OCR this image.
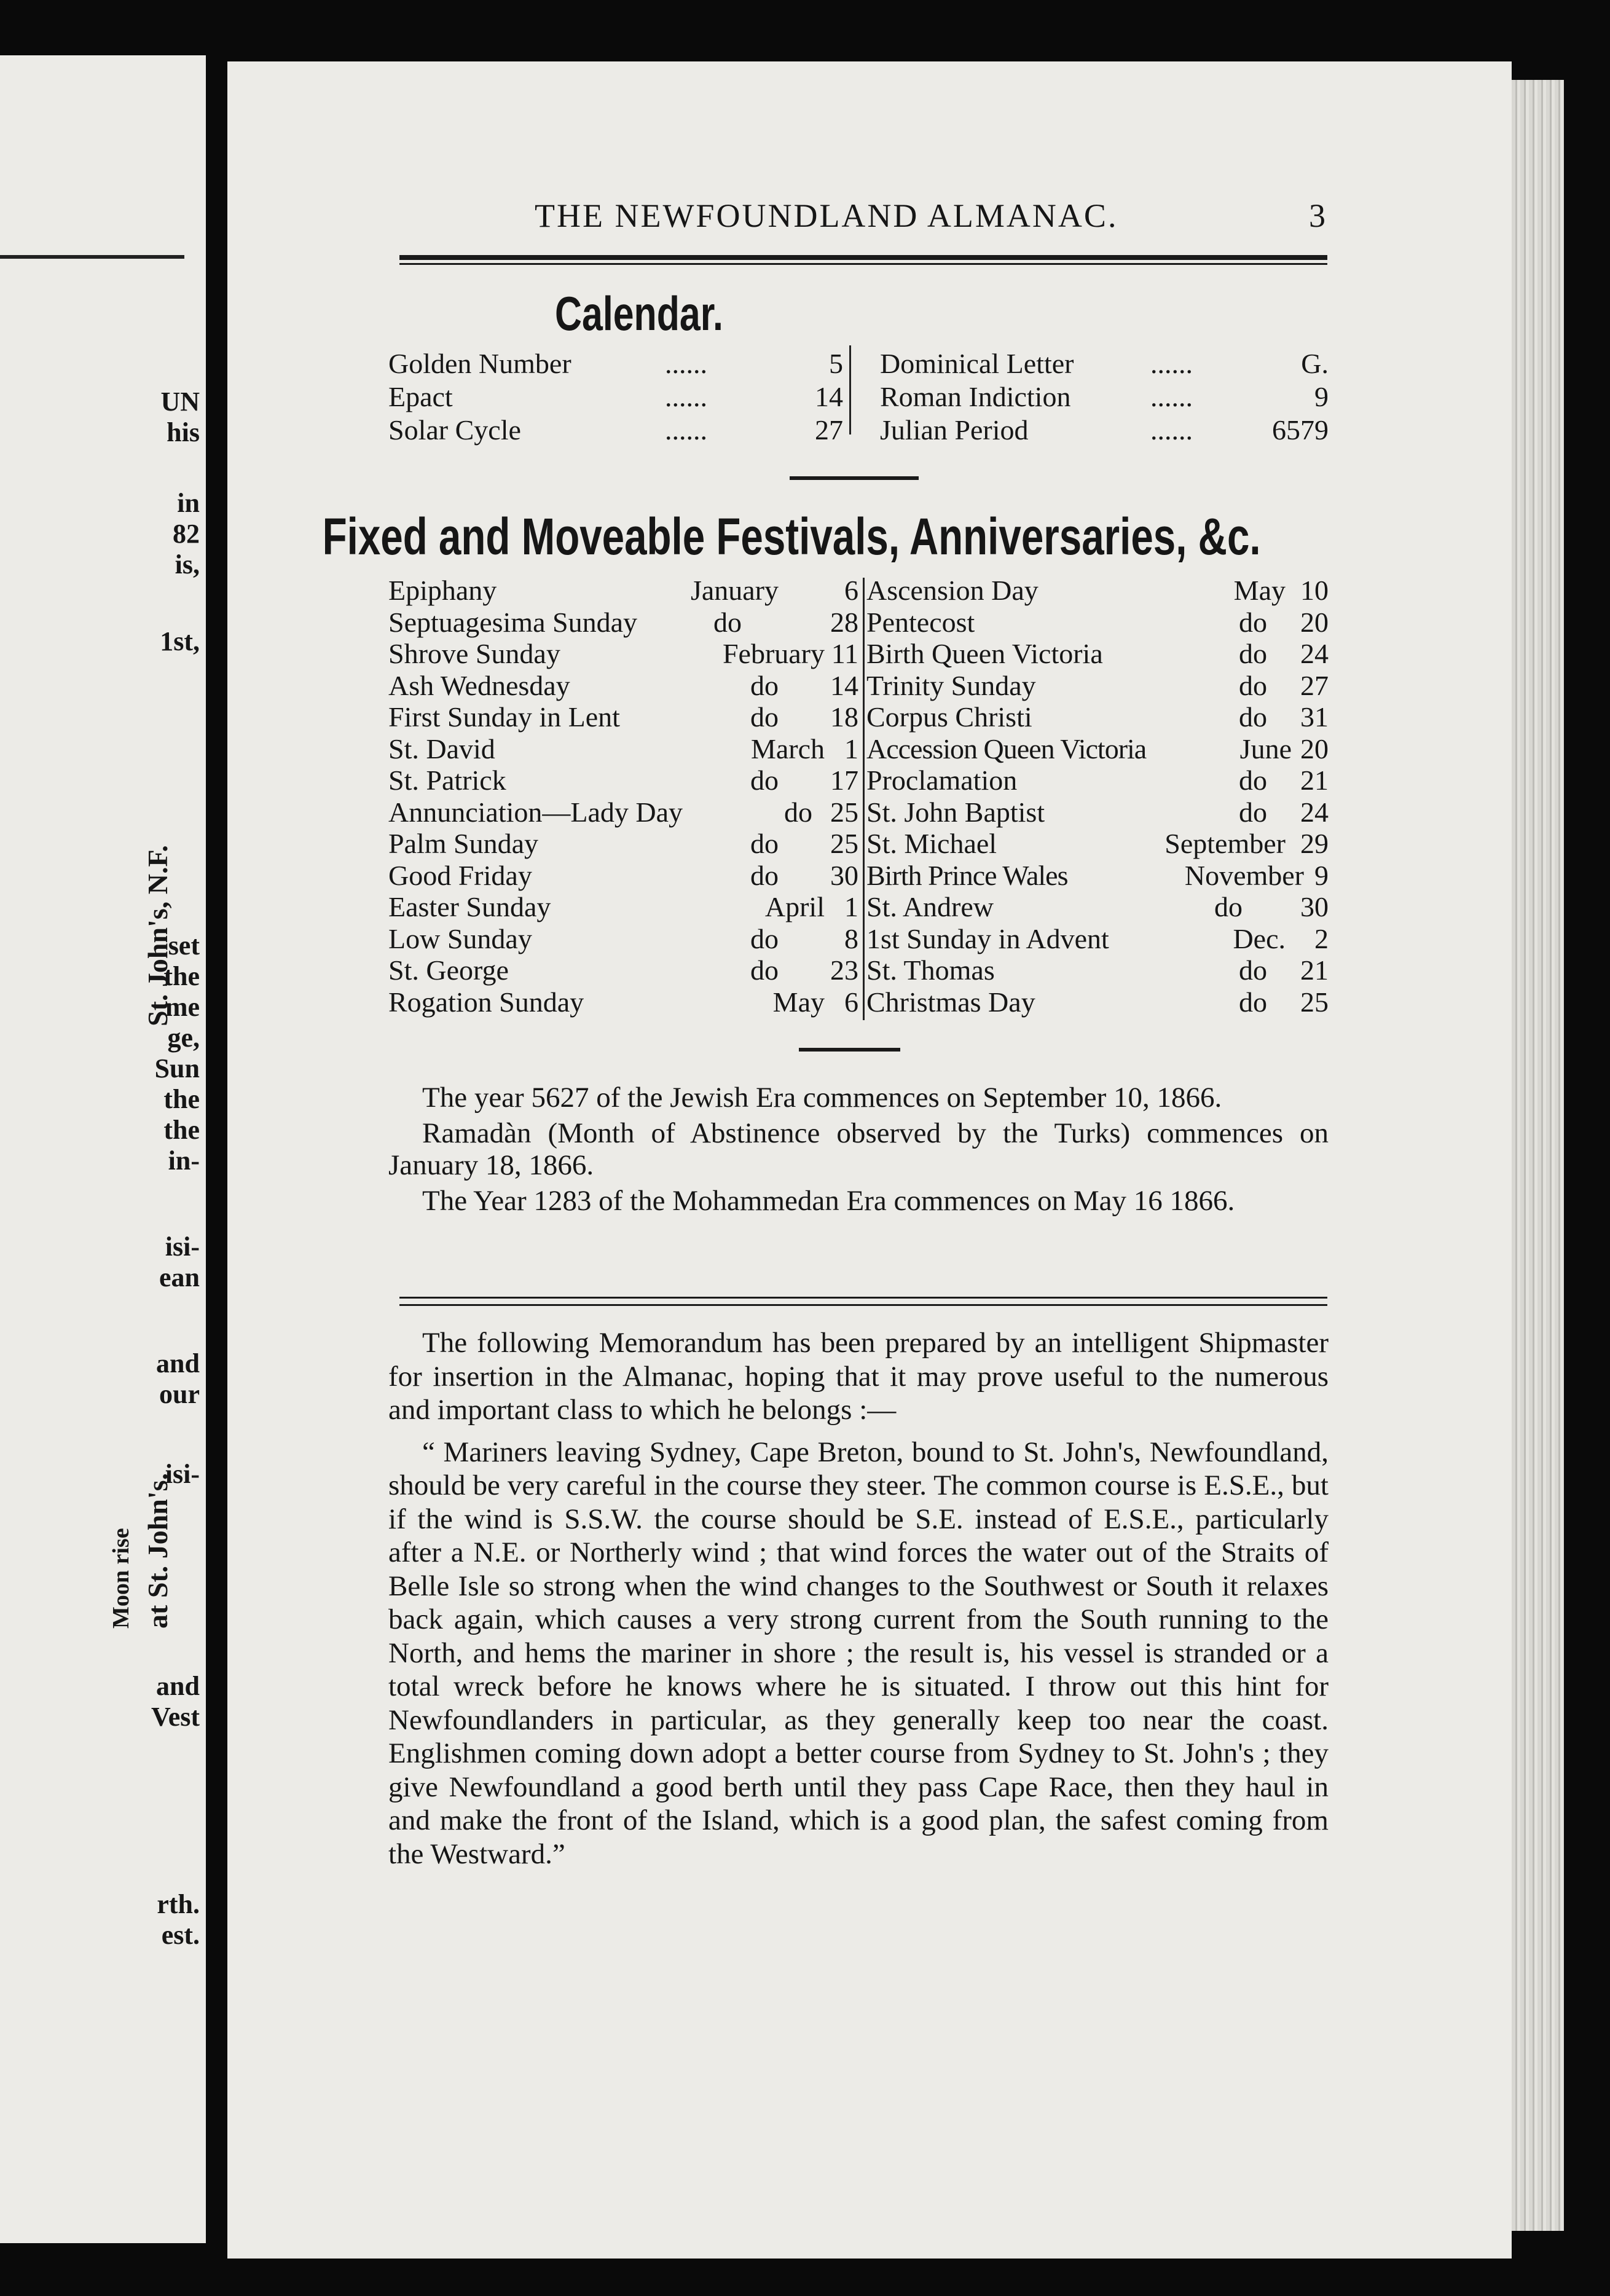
UN
his
in
82
is,
1st,
set
the
me
ge,
Sun
the
the
in-
isi-
ean
and
our
isi-
and
Vest
rth.
est.
St. John's, N.F.
at St. John's.
Moon rise
THE NEWFOUNDLAND ALMANAC.	3
Calendar.
Golden Number	......	5
Epact	......	14
Solar Cycle	......	27
Dominical Letter	......	G.
Roman Indiction	......	9
Julian Period	......	6579
Fixed and Moveable Festivals, Anniversaries, &c.
Epiphany	January 6
Septuagesima Sunday	do	28
Shrove Sunday	February 11
Ash Wednesday	do 14
First Sunday in Lent	do 18
St. David	March 1
St. Patrick	do 17
Annunciation—Lady Day	do 25
Palm Sunday	do 25
Good Friday	do 30
Easter Sunday	April 1
Low Sunday	do 8
St. George	do 23
Rogation Sunday	May 6
Ascension Day	May 10
Pentecost	do 20
Birth Queen Victoria	do 24
Trinity Sunday	do 27
Corpus Christi	do 31
Accession Queen Victoria	June 20
Proclamation	do 21
St. John Baptist	do 24
St. Michael	September 29
Birth Prince Wales	November 9
St. Andrew	do 30
1st Sunday in Advent	Dec. 2
St. Thomas	do 21
Christmas Day	do 25

The year 5627 of the Jewish Era commences on September 10, 1866.

Ramadàn (Month of Abstinence observed by the Turks) commences on January 18, 1866.

The Year 1283 of the Mohammedan Era commences on May 16 1866.

The following Memorandum has been prepared by an intelligent Shipmaster for insertion in the Almanac, hoping that it may prove useful to the numerous and important class to which he belongs :—

“ Mariners leaving Sydney, Cape Breton, bound to St. John's, Newfoundland, should be very careful in the course they steer. The common course is E.S.E., but if the wind is S.S.W. the course should be S.E. instead of E.S.E., particularly after a N.E. or Northerly wind ; that wind forces the water out of the Straits of Belle Isle so strong when the wind changes to the Southwest or South it relaxes back again, which causes a very strong current from the South running to the North, and hems the mariner in shore ; the result is, his vessel is stranded or a total wreck before he knows where he is situated. I throw out this hint for Newfoundlanders in particular, as they generally keep too near the coast. Englishmen coming down adopt a better course from Sydney to St. John's ; they give Newfoundland a good berth until they pass Cape Race, then they haul in and make the front of the Island, which is a good plan, the safest coming from the Westward.”
